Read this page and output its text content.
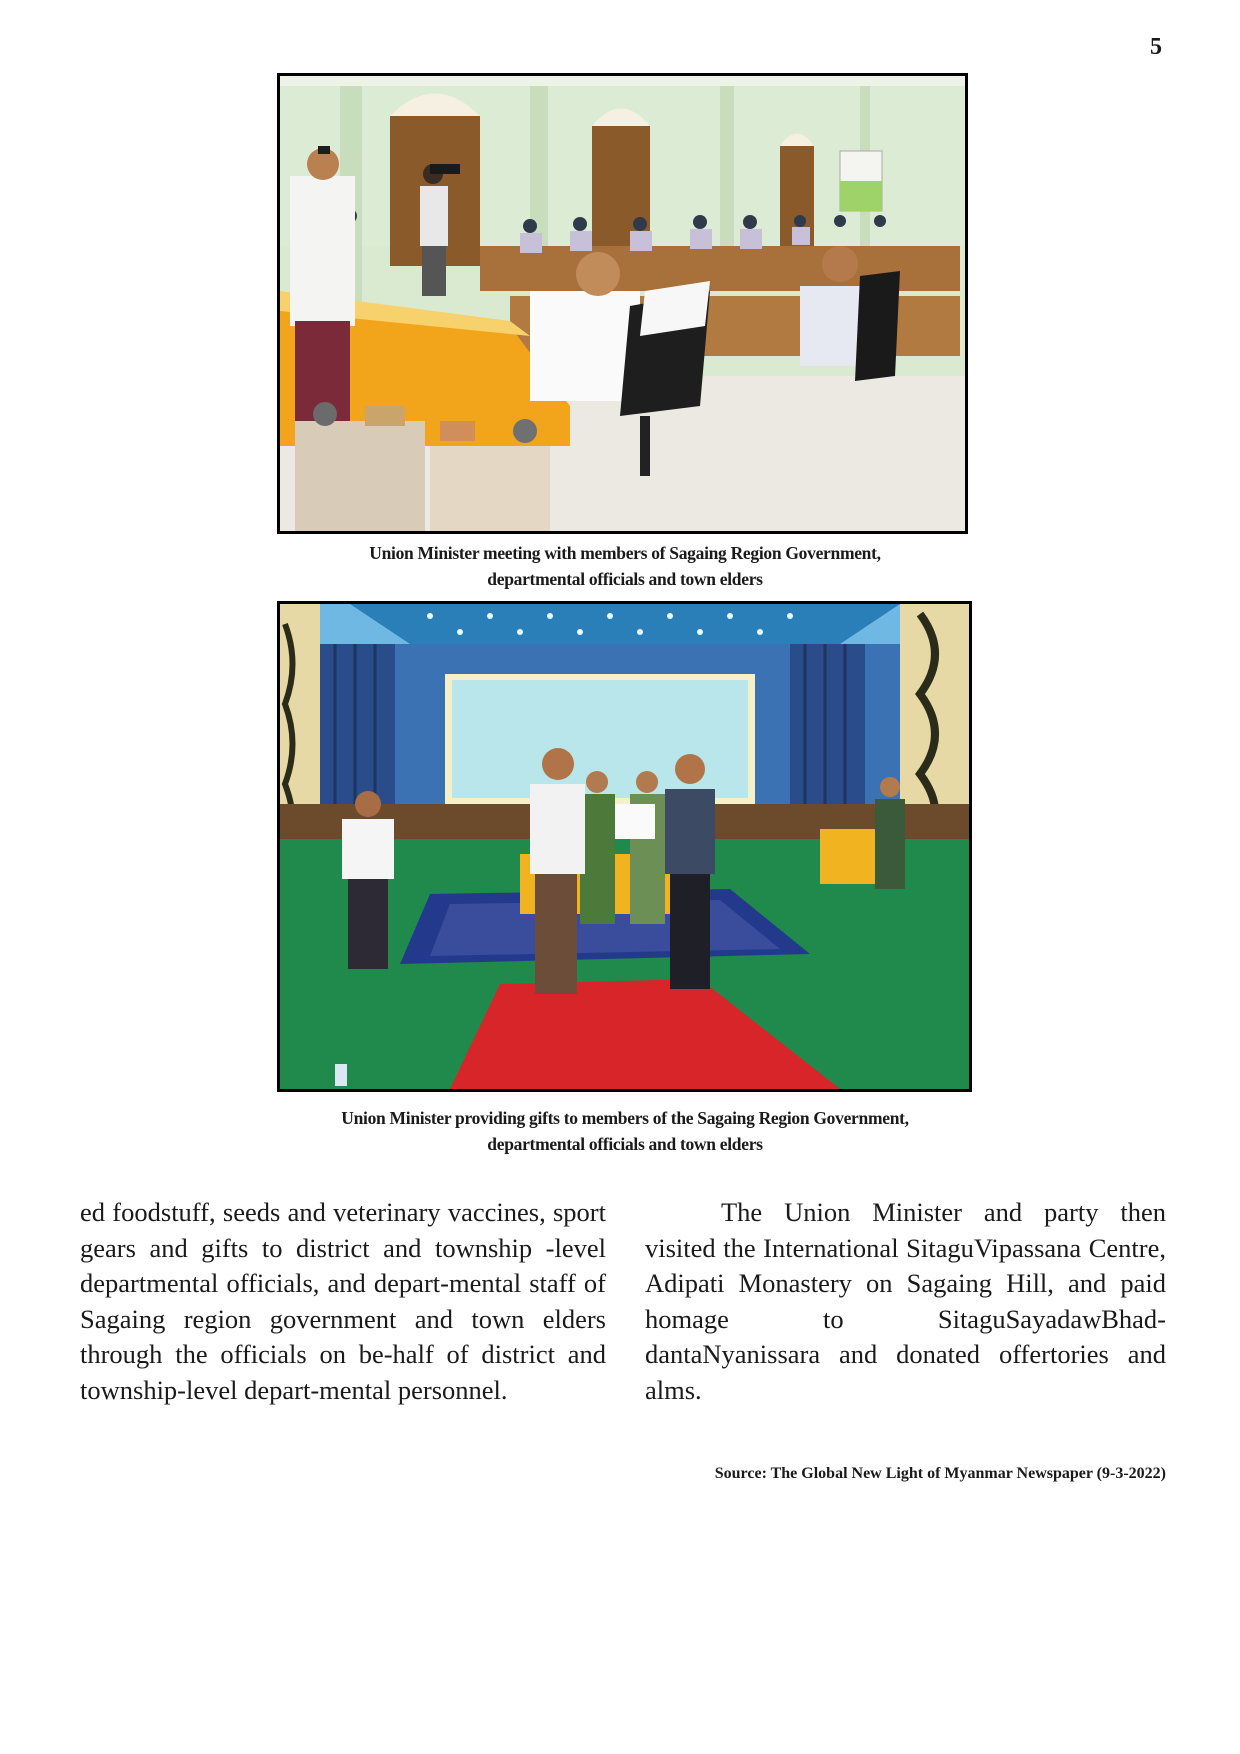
5
Union Minister meeting with members of Sagaing Region Government,
departmental officials and town elders
Union Minister providing gifts to members of the Sagaing Region Government,
departmental officials and town elders

ed foodstuff, seeds and veterinary vaccines, sport gears and gifts to district and township -level departmental officials, and depart-mental staff of Sagaing region government and town elders through the officials on be-half of district and township-level depart-mental personnel.

The Union Minister and party then visited the International SitaguVipassana Centre, Adipati Monastery on Sagaing Hill, and paid homage to SitaguSayadawBhad-dantaNyanissara and donated offertories and alms.

Source: The Global New Light of Myanmar Newspaper (9-3-2022)
